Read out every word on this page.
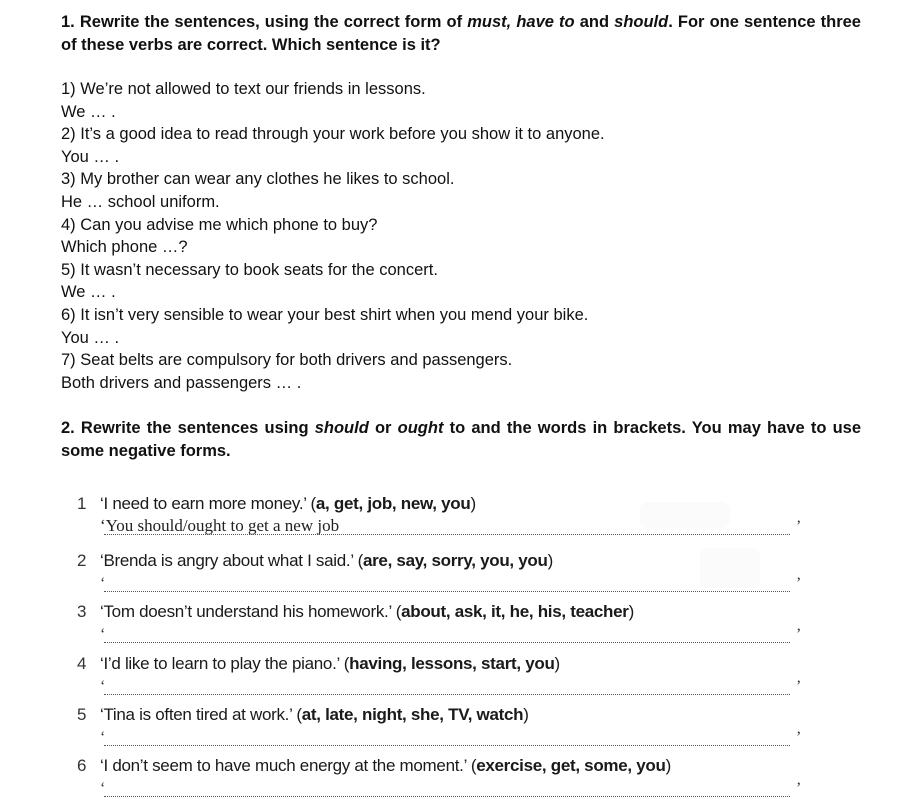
1. Rewrite the sentences, using the correct form of must, have to and should. For one sentence three of these verbs are correct. Which sentence is it?
1) We’re not allowed to text our friends in lessons.
We … .
2) It’s a good idea to read through your work before you show it to anyone.
You … .
3) My brother can wear any clothes he likes to school.
He … school uniform.
4) Can you advise me which phone to buy?
Which phone …?
5) It wasn’t necessary to book seats for the concert.
We … .
6) It isn’t very sensible to wear your best shirt when you mend your bike.
You … .
7) Seat belts are compulsory for both drivers and passengers.
Both drivers and passengers … .
2. Rewrite the sentences using should or ought to and the words in brackets. You may have to use some negative forms.
1 ‘I need to earn more money.’ (a, get, job, new, you)
‘You should/ought to get a new job	’
2 ‘Brenda is angry about what I said.’ (are, say, sorry, you, you)
‘	’
3 ‘Tom doesn’t understand his homework.’ (about, ask, it, he, his, teacher)
‘	’
4 ‘I’d like to learn to play the piano.’ (having, lessons, start, you)
‘	’
5 ‘Tina is often tired at work.’ (at, late, night, she, TV, watch)
‘	’
6 ‘I don’t seem to have much energy at the moment.’ (exercise, get, some, you)
‘	’
